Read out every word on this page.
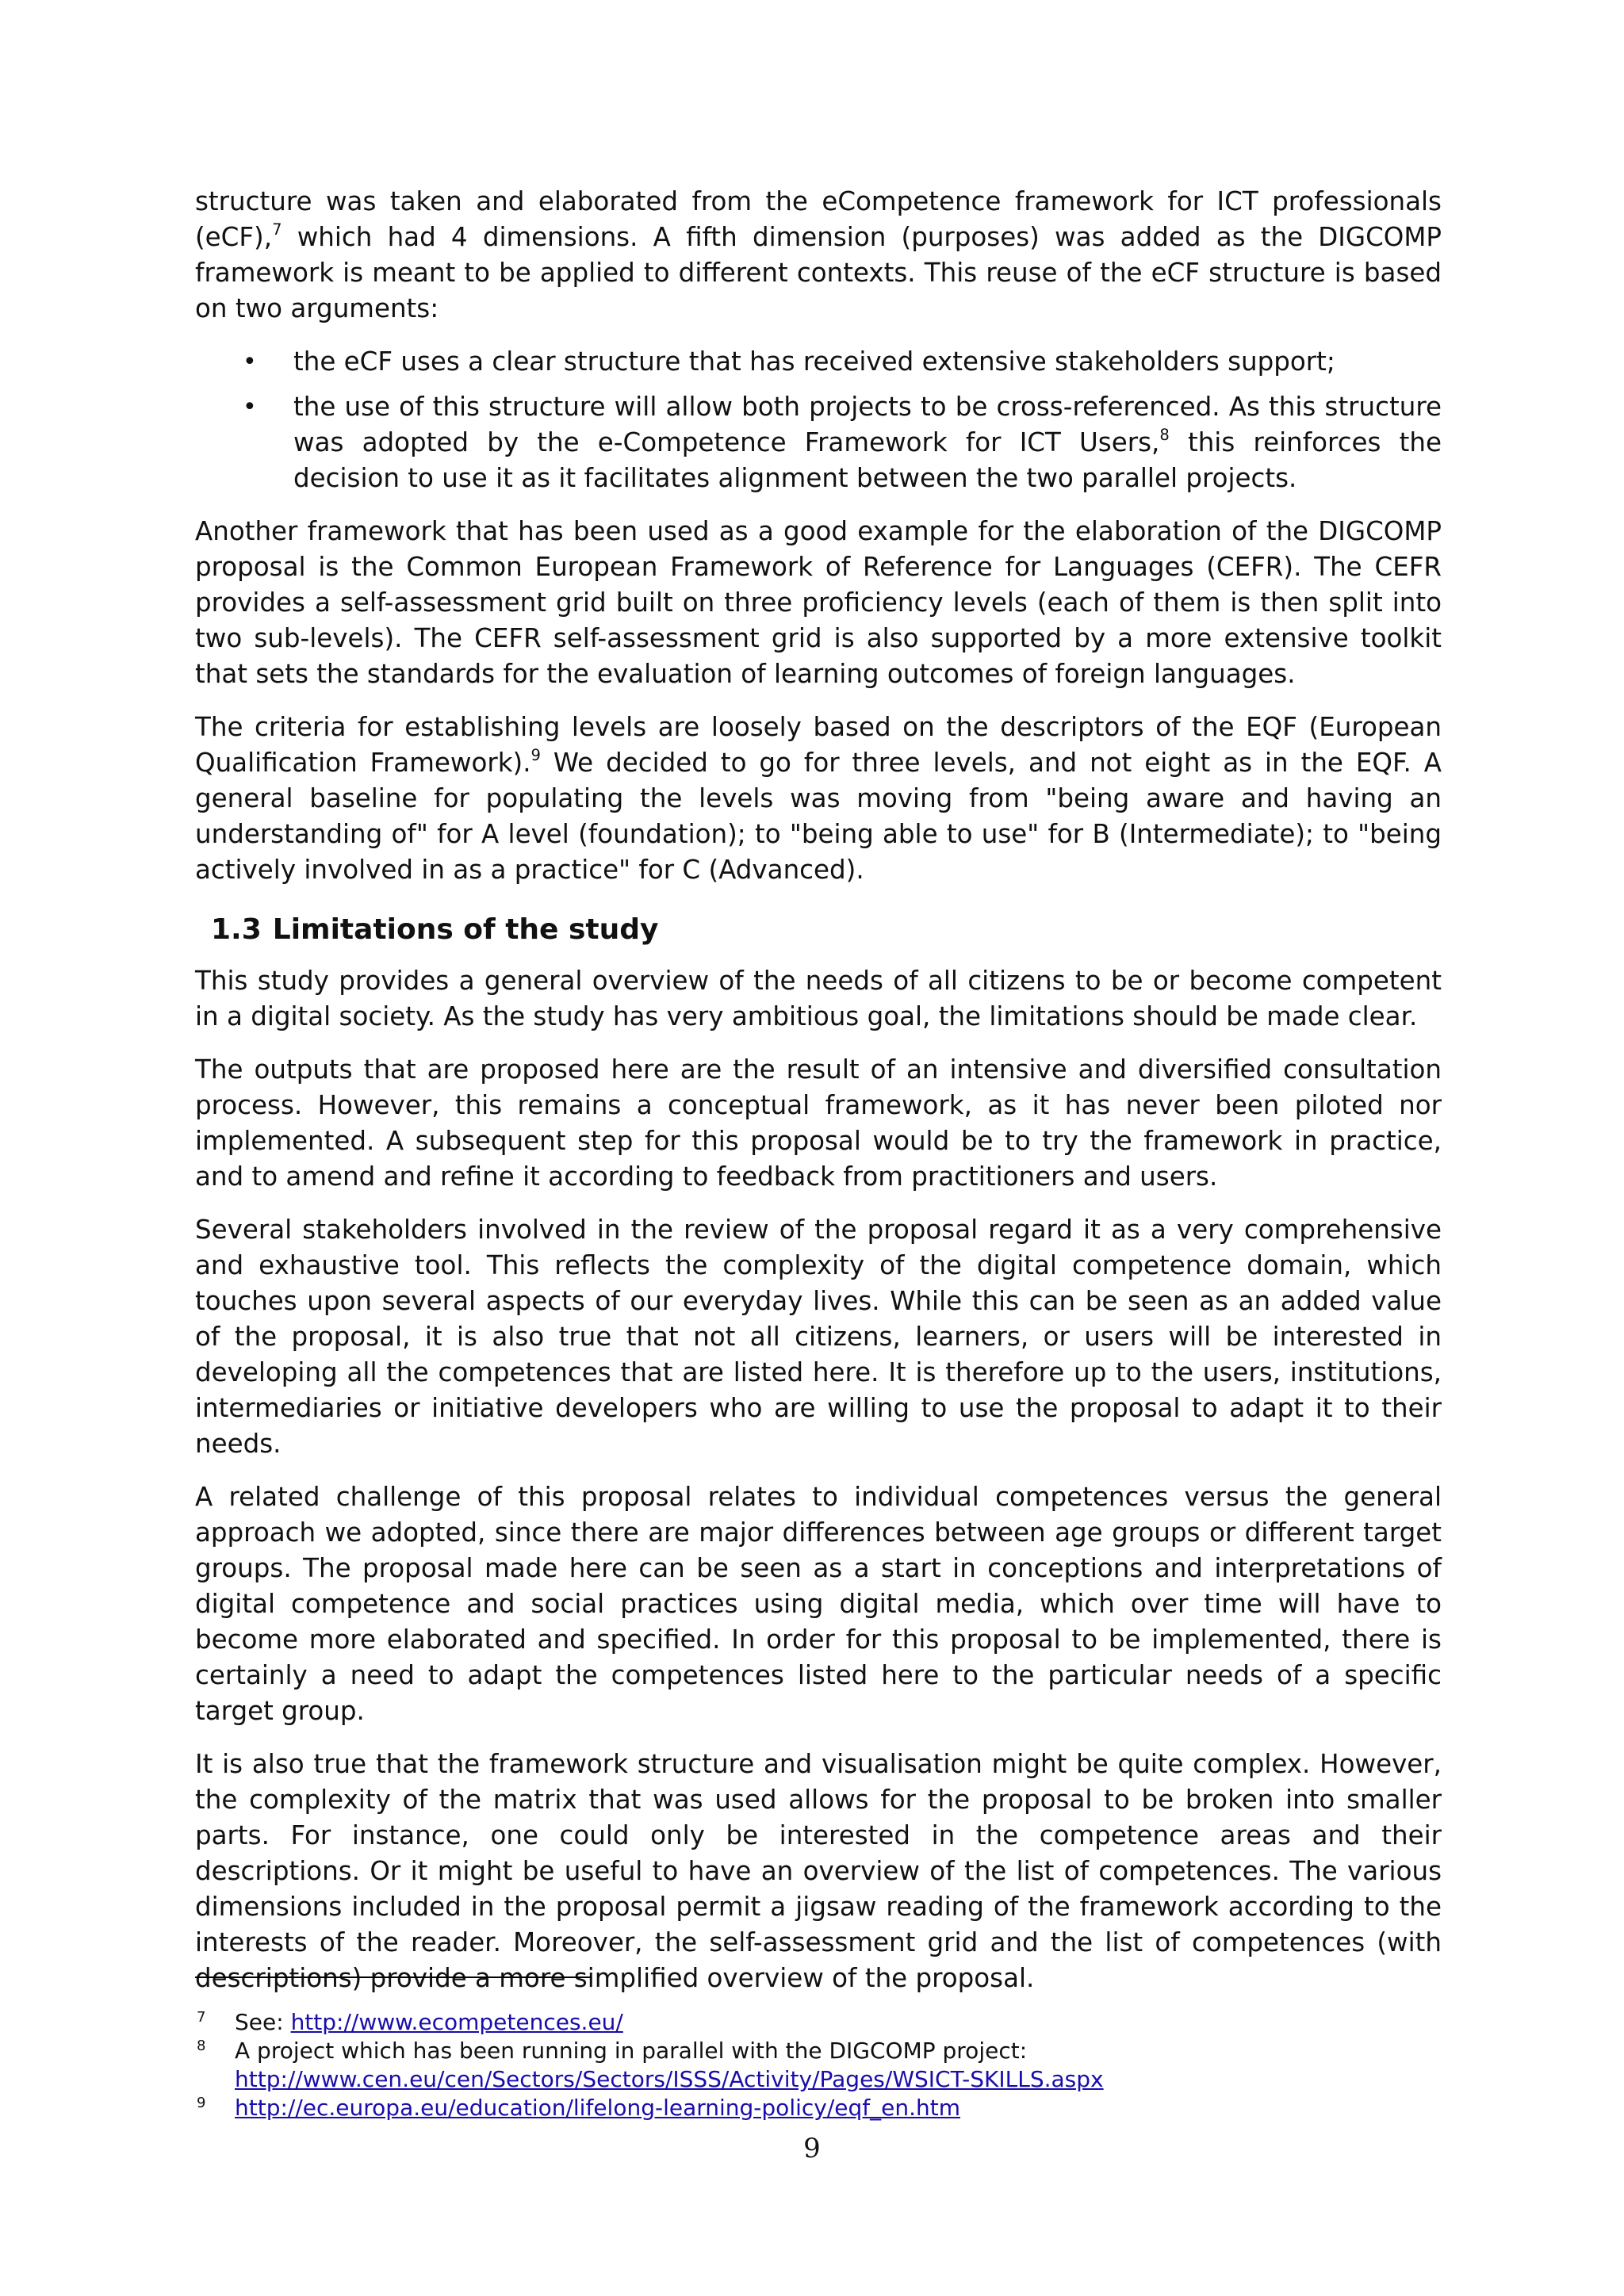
structure was taken and elaborated from the eCompetence framework for ICT professionals (eCF),$^7$ which had 4 dimensions. A fifth dimension (purposes) was added as the DIGCOMP framework is meant to be applied to different contexts. This reuse of the eCF structure is based on two arguments:

• the eCF uses a clear structure that has received extensive stakeholders support;
• the use of this structure will allow both projects to be cross-referenced. As this structure was adopted by the e-Competence Framework for ICT Users,$^8$ this reinforces the decision to use it as it facilitates alignment between the two parallel projects.

Another framework that has been used as a good example for the elaboration of the DIGCOMP proposal is the Common European Framework of Reference for Languages (CEFR). The CEFR provides a self-assessment grid built on three proficiency levels (each of them is then split into two sub-levels). The CEFR self-assessment grid is also supported by a more extensive toolkit that sets the standards for the evaluation of learning outcomes of foreign languages.

The criteria for establishing levels are loosely based on the descriptors of the EQF (European Qualification Framework).$^9$ We decided to go for three levels, and not eight as in the EQF. A general baseline for populating the levels was moving from "being aware and having an understanding of" for A level (foundation); to "being able to use" for B (Intermediate); to "being actively involved in as a practice" for C (Advanced).

1.3 Limitations of the study

This study provides a general overview of the needs of all citizens to be or become competent in a digital society. As the study has very ambitious goal, the limitations should be made clear.

The outputs that are proposed here are the result of an intensive and diversified consultation process. However, this remains a conceptual framework, as it has never been piloted nor implemented. A subsequent step for this proposal would be to try the framework in practice, and to amend and refine it according to feedback from practitioners and users.

Several stakeholders involved in the review of the proposal regard it as a very comprehensive and exhaustive tool. This reflects the complexity of the digital competence domain, which touches upon several aspects of our everyday lives. While this can be seen as an added value of the proposal, it is also true that not all citizens, learners, or users will be interested in developing all the competences that are listed here. It is therefore up to the users, institutions, intermediaries or initiative developers who are willing to use the proposal to adapt it to their needs.

A related challenge of this proposal relates to individual competences versus the general approach we adopted, since there are major differences between age groups or different target groups. The proposal made here can be seen as a start in conceptions and interpretations of digital competence and social practices using digital media, which over time will have to become more elaborated and specified. In order for this proposal to be implemented, there is certainly a need to adapt the competences listed here to the particular needs of a specific target group.

It is also true that the framework structure and visualisation might be quite complex. However, the complexity of the matrix that was used allows for the proposal to be broken into smaller parts. For instance, one could only be interested in the competence areas and their descriptions. Or it might be useful to have an overview of the list of competences. The various dimensions included in the proposal permit a jigsaw reading of the framework according to the interests of the reader. Moreover, the self-assessment grid and the list of competences (with descriptions) provide a more simplified overview of the proposal.

7 See: http://www.ecompetences.eu/
8 A project which has been running in parallel with the DIGCOMP project:
http://www.cen.eu/cen/Sectors/Sectors/ISSS/Activity/Pages/WSICT-SKILLS.aspx
9 http://ec.europa.eu/education/lifelong-learning-policy/eqf_en.htm
9
